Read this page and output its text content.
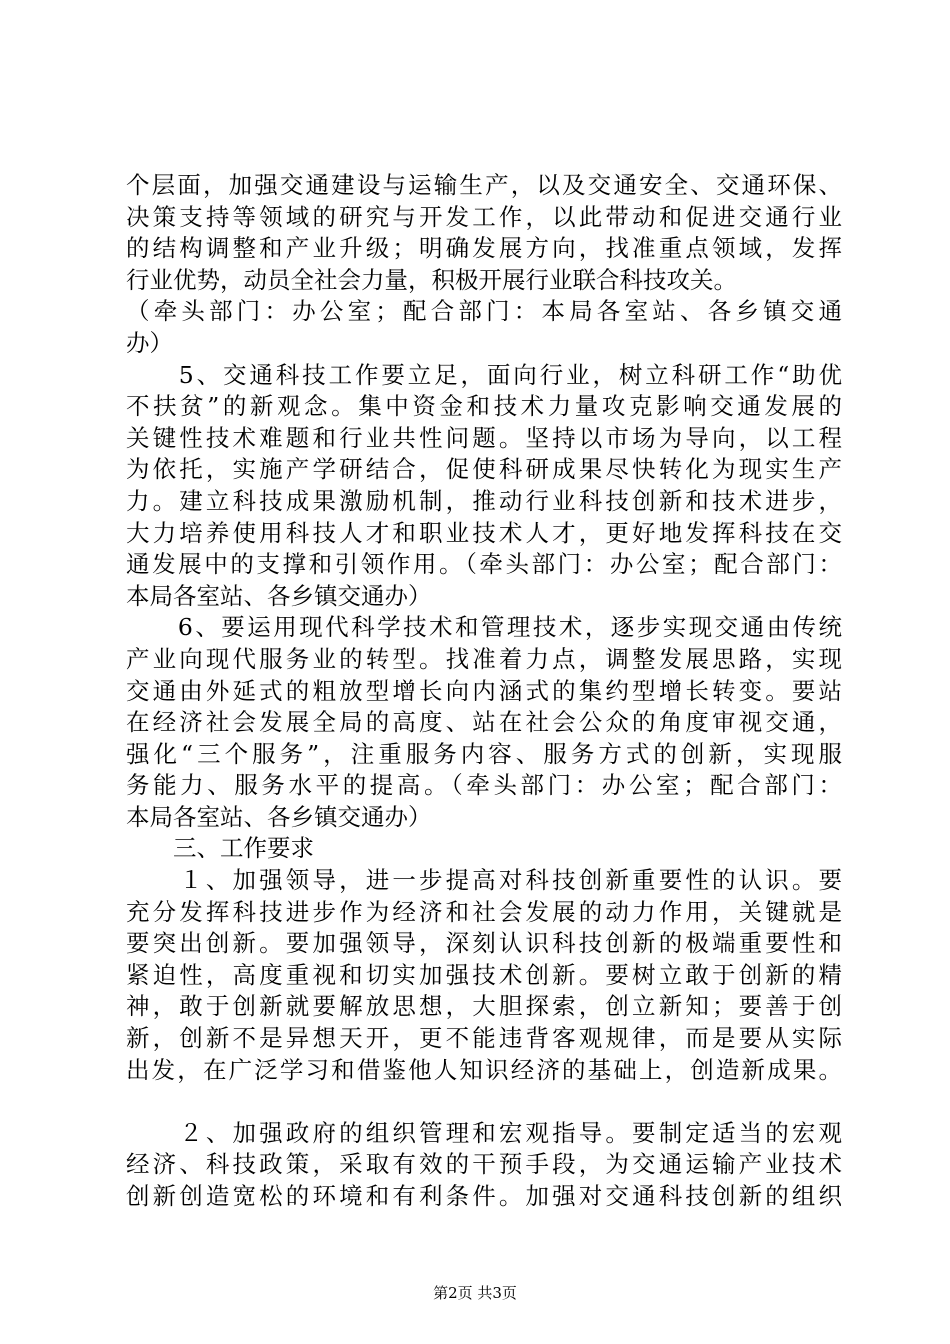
个层面，加强交通建设与运输生产，以及交通安全、交通环保、
决策支持等领域的研究与开发工作，以此带动和促进交通行业
的结构调整和产业升级；明确发展方向，找准重点领域，发挥
行业优势，动员全社会力量，积极开展行业联合科技攻关。
（牵头部门：办公室；配合部门：本局各室站、各乡镇交通
办）
　　5、交通科技工作要立足，面向行业，树立科研工作“助优
不扶贫”的新观念。集中资金和技术力量攻克影响交通发展的
关键性技术难题和行业共性问题。坚持以市场为导向，以工程
为依托，实施产学研结合，促使科研成果尽快转化为现实生产
力。建立科技成果激励机制，推动行业科技创新和技术进步，
大力培养使用科技人才和职业技术人才，更好地发挥科技在交
通发展中的支撑和引领作用。（牵头部门：办公室；配合部门：
本局各室站、各乡镇交通办）
　　6、要运用现代科学技术和管理技术，逐步实现交通由传统
产业向现代服务业的转型。找准着力点，调整发展思路，实现
交通由外延式的粗放型增长向内涵式的集约型增长转变。要站
在经济社会发展全局的高度、站在社会公众的角度审视交通，
强化“三个服务”，注重服务内容、服务方式的创新，实现服
务能力、服务水平的提高。（牵头部门：办公室；配合部门：
本局各室站、各乡镇交通办）
　　三、工作要求
　　１、加强领导，进一步提高对科技创新重要性的认识。要
充分发挥科技进步作为经济和社会发展的动力作用，关键就是
要突出创新。要加强领导，深刻认识科技创新的极端重要性和
紧迫性，高度重视和切实加强技术创新。要树立敢于创新的精
神，敢于创新就要解放思想，大胆探索，创立新知；要善于创
新，创新不是异想天开，更不能违背客观规律，而是要从实际
出发，在广泛学习和借鉴他人知识经济的基础上，创造新成果。
　　２、加强政府的组织管理和宏观指导。要制定适当的宏观
经济、科技政策，采取有效的干预手段，为交通运输产业技术
创新创造宽松的环境和有利条件。加强对交通科技创新的组织
第2页 共3页
